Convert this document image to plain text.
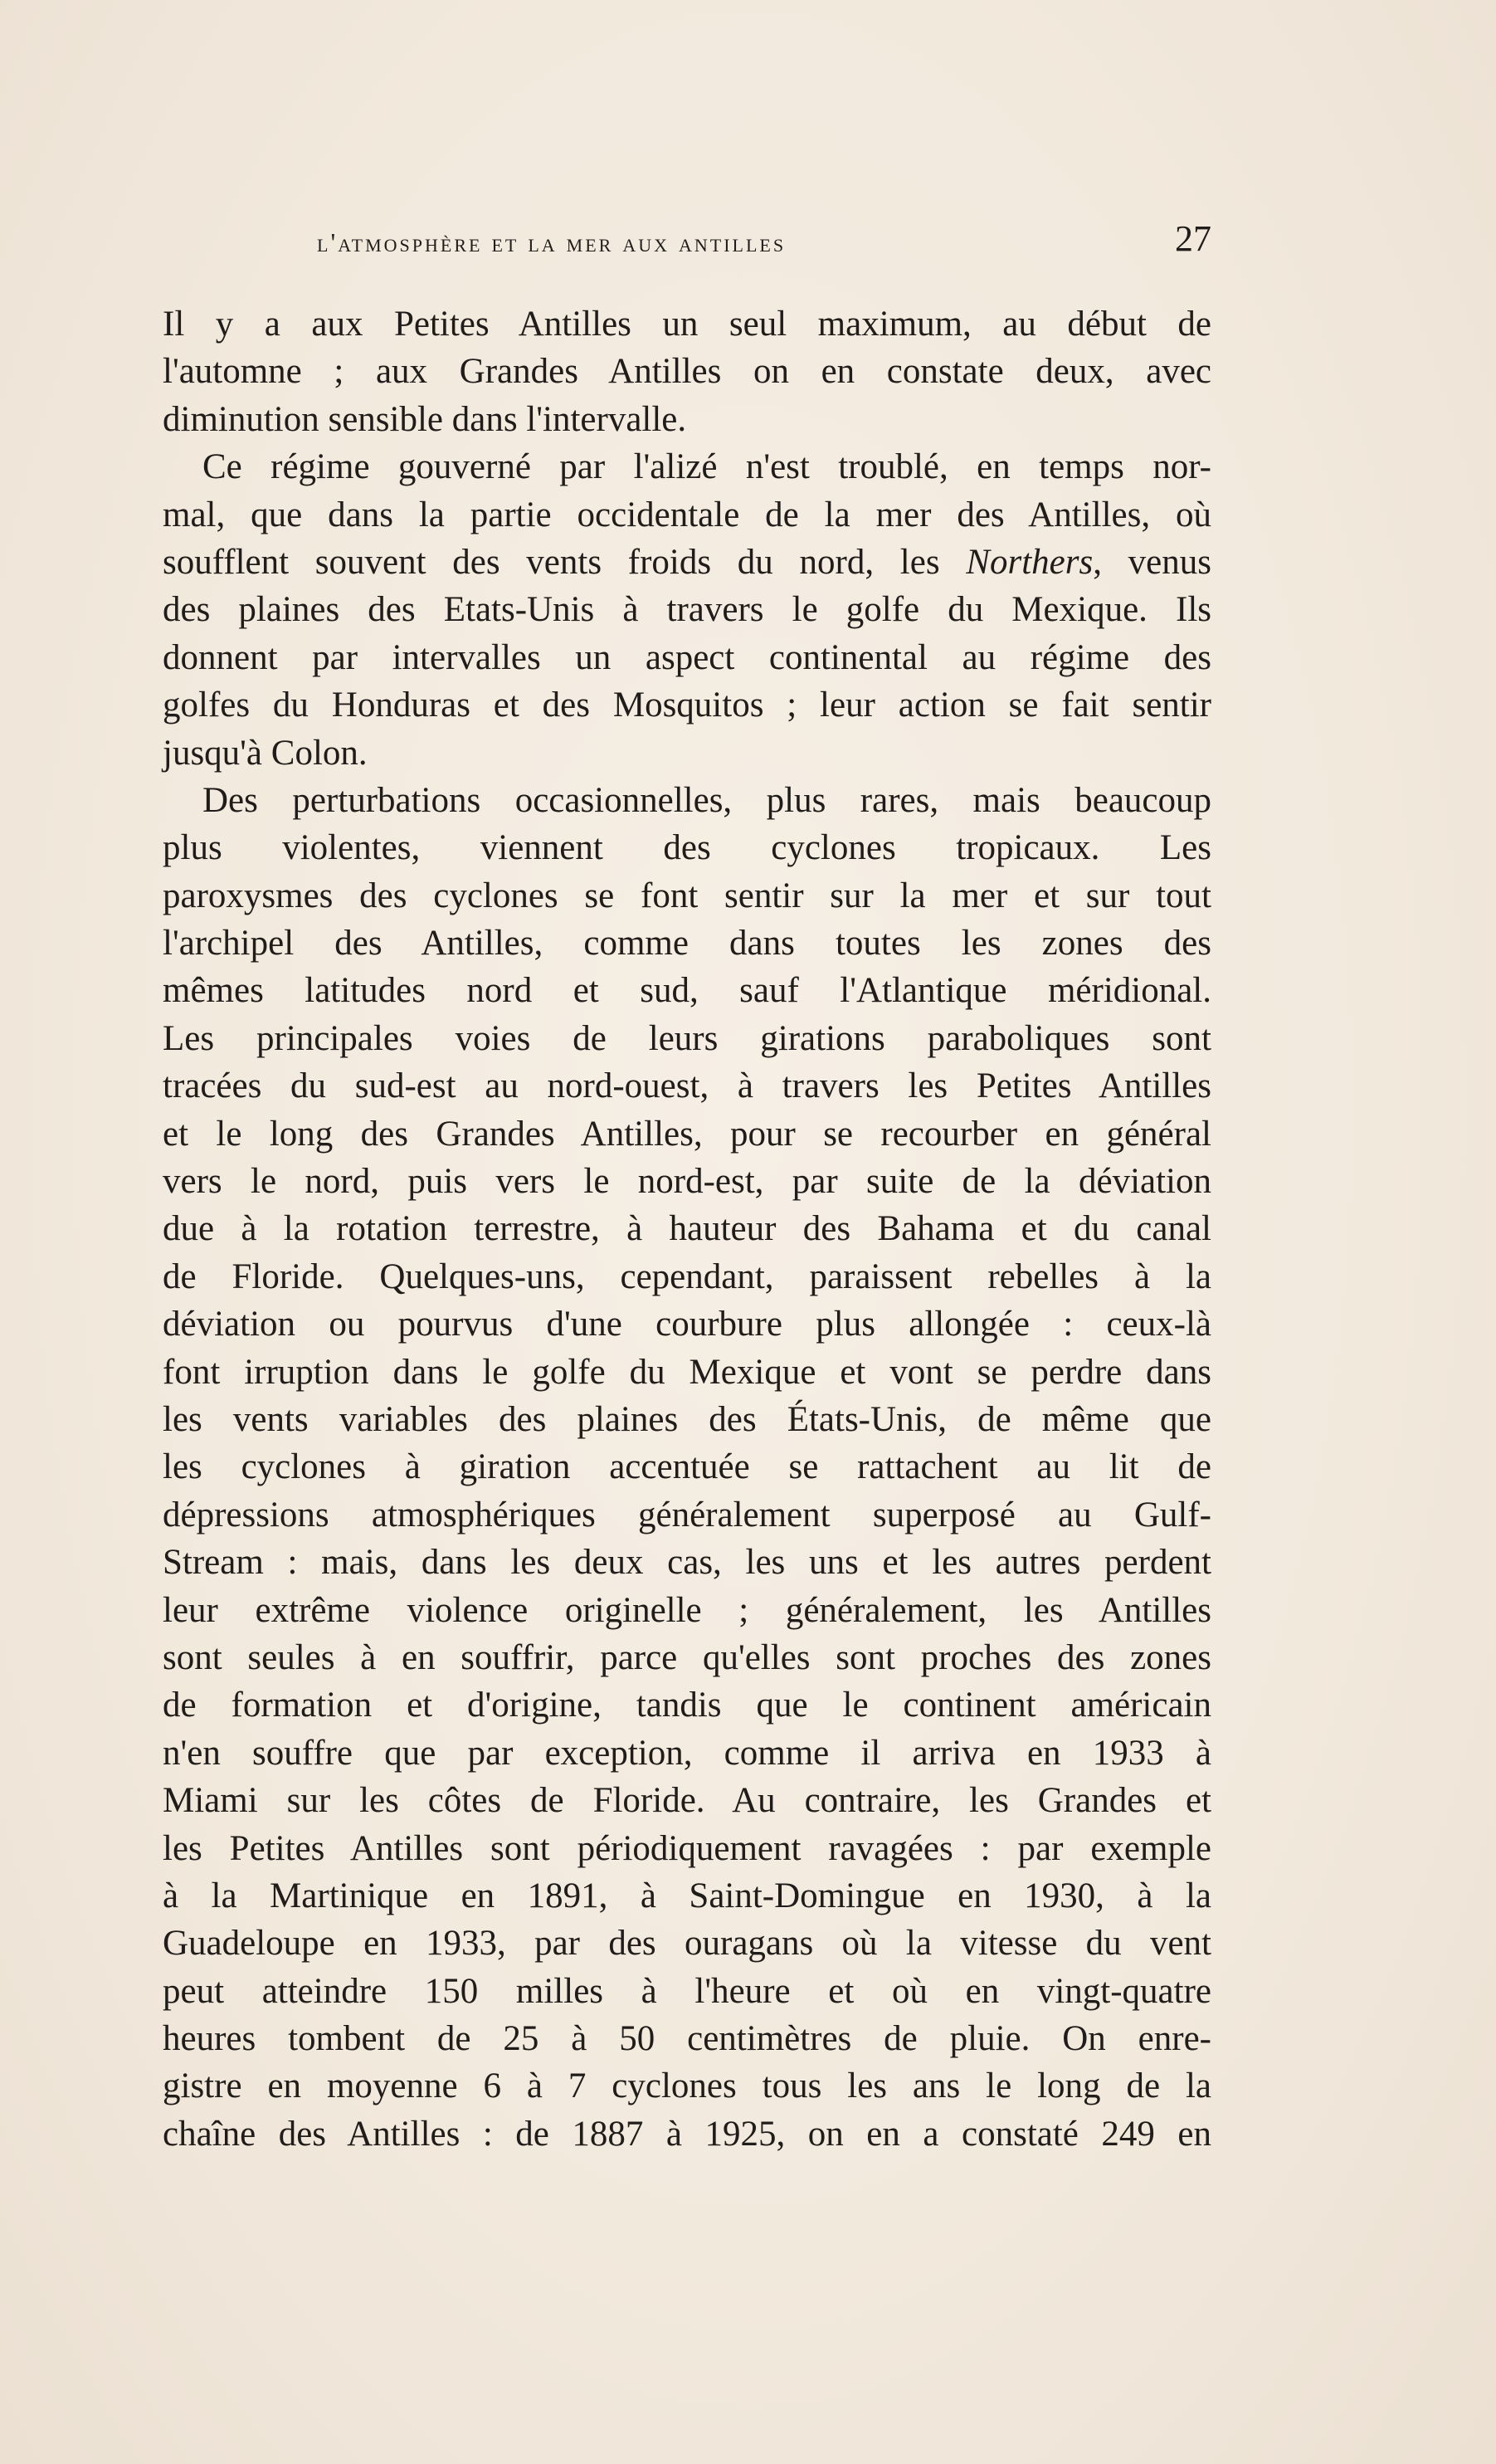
l'atmosphère et la mer aux antilles	27
Il y a aux Petites Antilles un seul maximum, au début de
l'automne ; aux Grandes Antilles on en constate deux, avec
diminution sensible dans l'intervalle.
Ce régime gouverné par l'alizé n'est troublé, en temps nor-
mal, que dans la partie occidentale de la mer des Antilles, où
soufflent souvent des vents froids du nord, les Northers, venus
des plaines des Etats-Unis à travers le golfe du Mexique. Ils
donnent par intervalles un aspect continental au régime des
golfes du Honduras et des Mosquitos ; leur action se fait sentir
jusqu'à Colon.
Des perturbations occasionnelles, plus rares, mais beaucoup
plus violentes, viennent des cyclones tropicaux. Les
paroxysmes des cyclones se font sentir sur la mer et sur tout
l'archipel des Antilles, comme dans toutes les zones des
mêmes latitudes nord et sud, sauf l'Atlantique méridional.
Les principales voies de leurs girations paraboliques sont
tracées du sud-est au nord-ouest, à travers les Petites Antilles
et le long des Grandes Antilles, pour se recourber en général
vers le nord, puis vers le nord-est, par suite de la déviation
due à la rotation terrestre, à hauteur des Bahama et du canal
de Floride. Quelques-uns, cependant, paraissent rebelles à la
déviation ou pourvus d'une courbure plus allongée : ceux-là
font irruption dans le golfe du Mexique et vont se perdre dans
les vents variables des plaines des États-Unis, de même que
les cyclones à giration accentuée se rattachent au lit de
dépressions atmosphériques généralement superposé au Gulf-
Stream : mais, dans les deux cas, les uns et les autres perdent
leur extrême violence originelle ; généralement, les Antilles
sont seules à en souffrir, parce qu'elles sont proches des zones
de formation et d'origine, tandis que le continent américain
n'en souffre que par exception, comme il arriva en 1933 à
Miami sur les côtes de Floride. Au contraire, les Grandes et
les Petites Antilles sont périodiquement ravagées : par exemple
à la Martinique en 1891, à Saint-Domingue en 1930, à la
Guadeloupe en 1933, par des ouragans où la vitesse du vent
peut atteindre 150 milles à l'heure et où en vingt-quatre
heures tombent de 25 à 50 centimètres de pluie. On enre-
gistre en moyenne 6 à 7 cyclones tous les ans le long de la
chaîne des Antilles : de 1887 à 1925, on en a constaté 249 en
